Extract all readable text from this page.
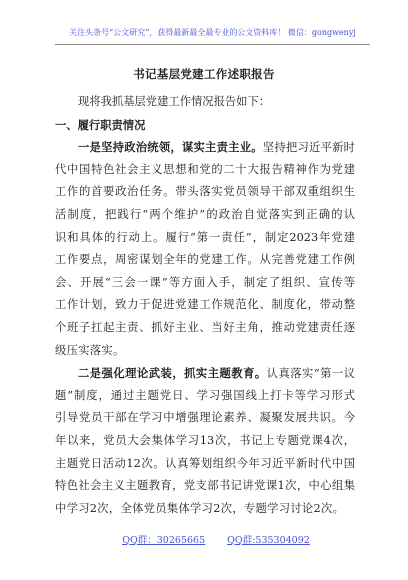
关注头条号“公文研究”，获得最新最全最专业的公文资料库！ 微信：gongwenyj
书记基层党建工作述职报告
现将我抓基层党建工作情况报告如下：
一、履行职责情况
一是坚持政治统领，谋实主责主业。坚持把习近平新时
代中国特色社会主义思想和党的二十大报告精神作为党建
工作的首要政治任务。带头落实党员领导干部双重组织生
活制度，把践行“两个维护”的政治自觉落实到正确的认
识和具体的行动上。履行“第一责任”，制定2023年党建
工作要点，周密谋划全年的党建工作。从完善党建工作例
会、开展“三会一课”等方面入手，制定了组织、宣传等
工作计划，致力于促进党建工作规范化、制度化，带动整
个班子扛起主责、抓好主业、当好主角，推动党建责任逐
级压实落实。
二是强化理论武装，抓实主题教育。认真落实“第一议
题”制度，通过主题党日、学习强国线上打卡等学习形式
引导党员干部在学习中增强理论素养、凝聚发展共识。今
年以来，党员大会集体学习13次，书记上专题党课4次，
主题党日活动12次。认真筹划组织今年习近平新时代中国
特色社会主义主题教育，党支部书记讲党课1次，中心组集
中学习2次，全体党员集体学习2次，专题学习讨论2次。
QQ群：30265665 QQ群:535304092
